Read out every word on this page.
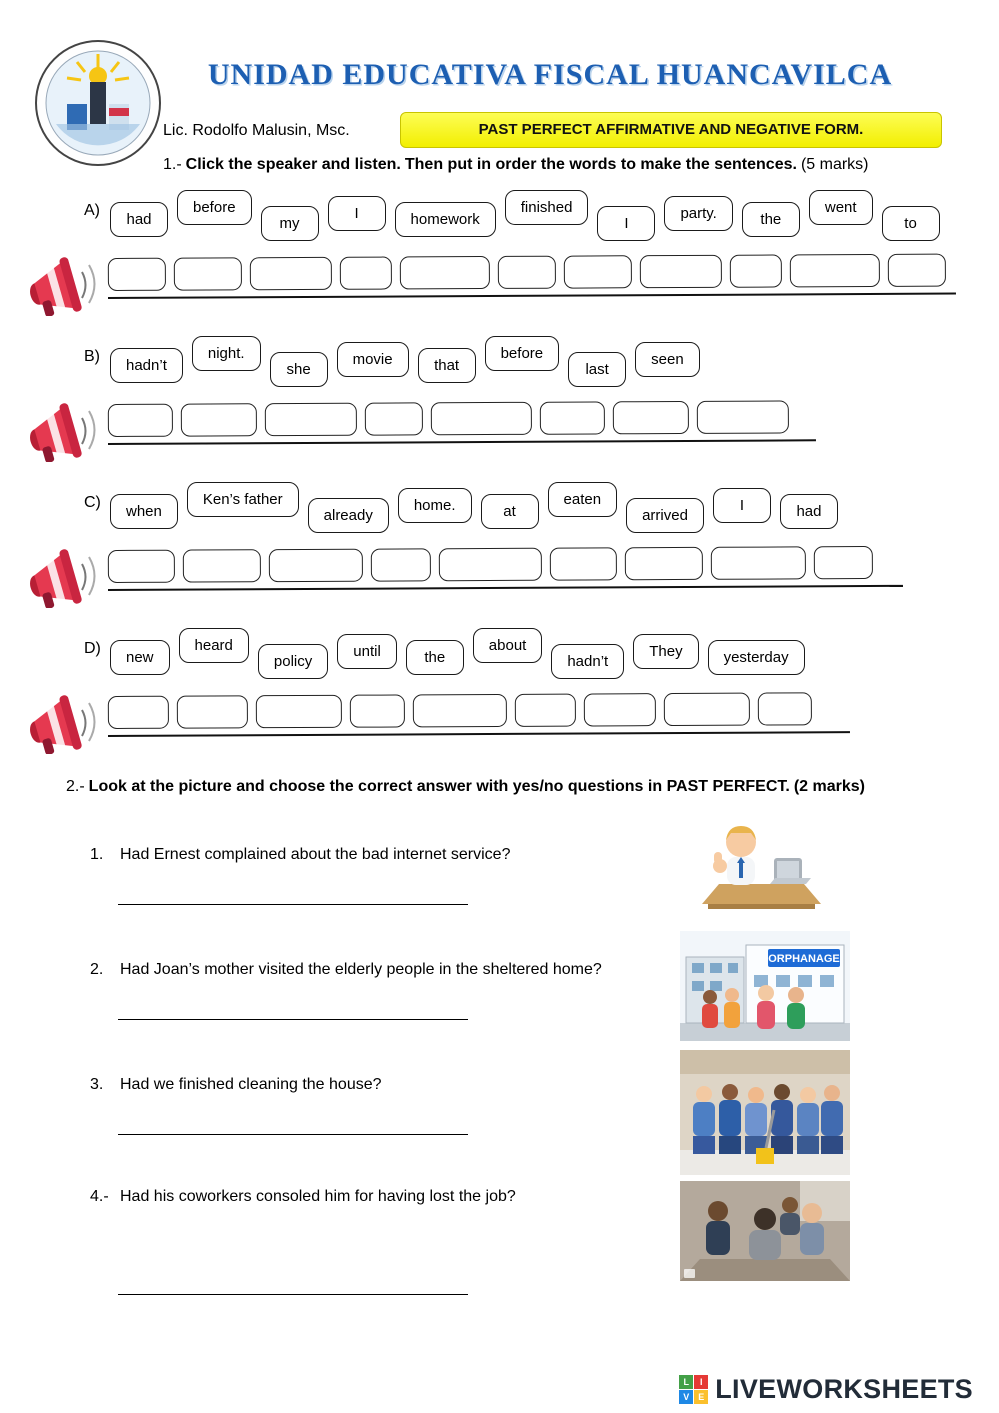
UNIDAD EDUCATIVA FISCAL HUANCAVILCA
Lic. Rodolfo Malusin, Msc.	PAST PERFECT AFFIRMATIVE AND NEGATIVE FORM.

1.- Click the speaker and listen. Then put in order the words to make the sentences. (5 marks)

A)
had
before
my
I	homework
finished
I
party.	the
went
to
B)
hadn’t
night.
she
movie	that
before
last
seen
C)
when
Ken’s father
already
home.	at
eaten
arrived
I	had
D)
new
heard
policy
until	the
about
hadn’t
They	yesterday

2.- Look at the picture and choose the correct answer with yes/no questions in PAST PERFECT. (2 marks)

1. Had Ernest complained about the bad internet service?
2. Had Joan’s mother visited the elderly people in the sheltered home?
ORPHANAGE
3. Had we finished cleaning the house?
4.- Had his coworkers consoled him for having lost the job?
L	I
V E LIVEWORKSHEETS
